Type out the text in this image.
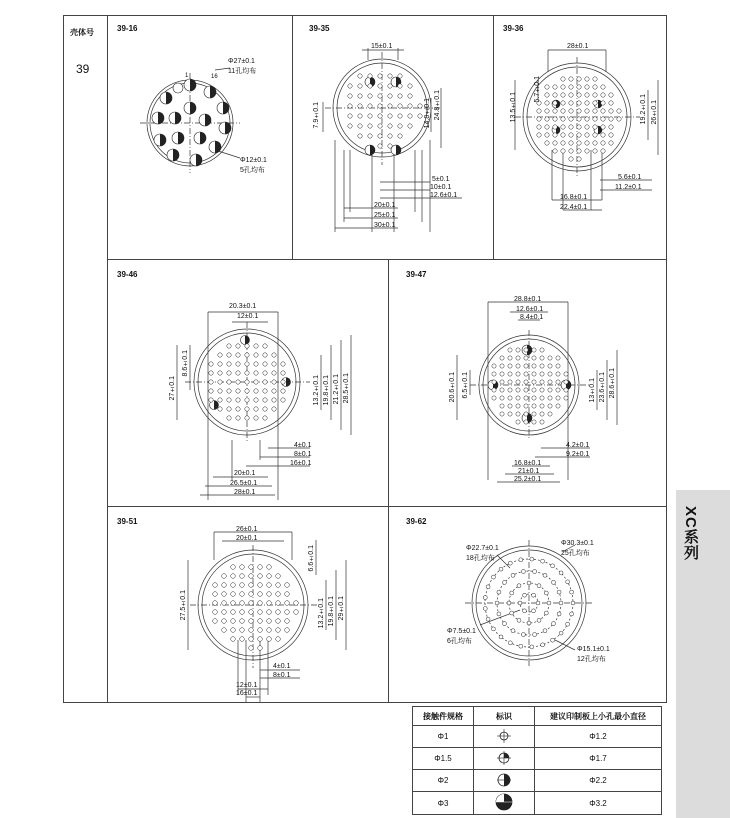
壳体号
39
39-16	39-35	39-36
39-46	39-47
39-51	39-62
Φ27±0.1
11孔均布
Φ12±0.1
5孔均布
16
1
15±0.1
7.9±0.1	14.8±0.1 24.8±0.1
5±0.1
10±0.1
12.6±0.1
20±0.1
25±0.1
30±0.1
28±0.1
5.7±0.1
13.5±0.1	19.2±0.1 26±0.1
5.6±0.1
11.2±0.1
16.8±0.1
22.4±0.1
20.3±0.1
12±0.1
8.6±0.1
27±0.1	13.2±0.1 19.8±0.1 21.2±0.1 28.5±0.1
4±0.1
8±0.1
16±0.1
20±0.1
26.5±0.1
28±0.1
28.8±0.1
12.6±0.1
8.4±0.1
20.6±0.1 6.5±0.1	13±0.1 23.6±0.1 28.6±0.1
4.2±0.1
9.2±0.1
16.8±0.1
21±0.1
25.2±0.1
26±0.1
20±0.1
6.6±0.1
27.5±0.1	13.2±0.1 19.8±0.1 29±0.1
4±0.1
8±0.1
12±0.1
16±0.1
Φ22.7±0.1
18孔均布
Φ30.3±0.1
25孔均布
Φ7.5±0.1
6孔均布
Φ15.1±0.1
12孔均布
接触件规格	标识	建议印制板上小孔最小直径
Φ1		Φ1.2
Φ1.5		Φ1.7
Φ2		Φ2.2
Φ3		Φ3.2
XC系列
